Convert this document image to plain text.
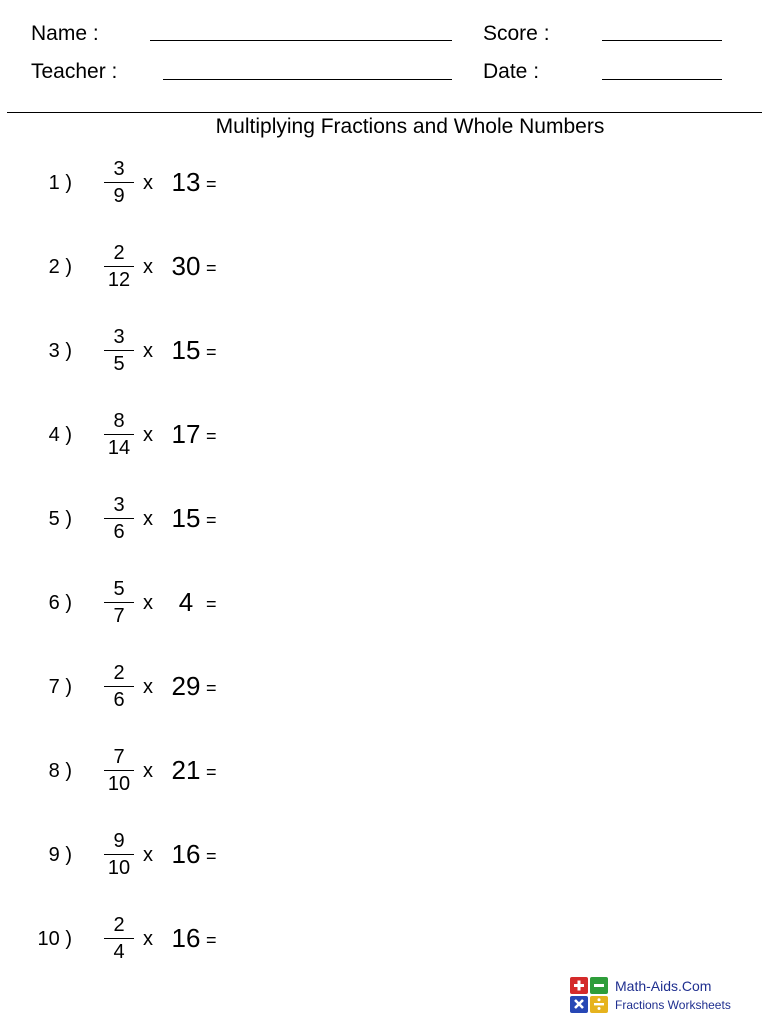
Name :
Teacher :
Score :
Date :
Multiplying Fractions and Whole Numbers
1 )
3
9
x 13 =
2 )
2
12
x 30 =
3 )
3
5
x 15 =
4 )
8
14
x 17 =
5 )
3
6
x 15 =
6 )
5
7
x 4 =
7 )
2
6
x 29 =
8 )
7
10
x 21 =
9 )
9
10
x 16 =
10 )
2
4
x 16 =
Math-Aids.Com
Fractions Worksheets
